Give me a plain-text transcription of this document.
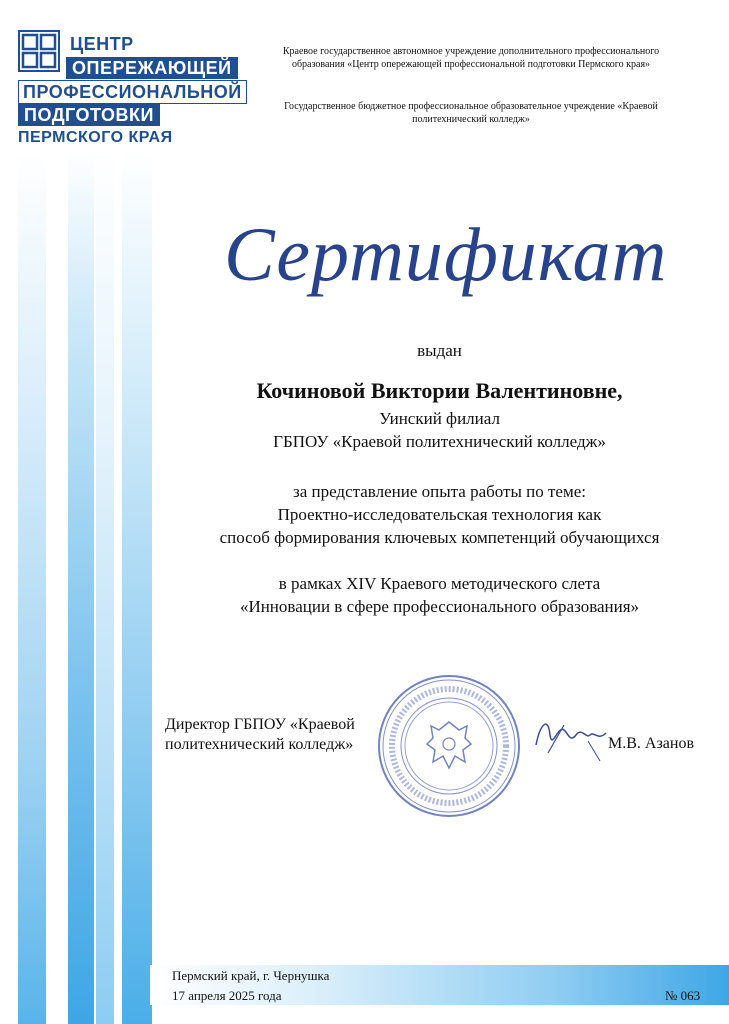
ЦЕНТР
ОПЕРЕЖАЮЩЕЙ
ПРОФЕССИОНАЛЬНОЙ
ПОДГОТОВКИ
ПЕРМСКОГО КРАЯ
Краевое государственное автономное учреждение дополнительного профессионального образования «Центр опережающей профессиональной подготовки Пермского края»
Государственное бюджетное профессиональное образовательное учреждение «Краевой политехнический колледж»
Сертификат
выдан
Кочиновой Виктории Валентиновне,
Уинский филиал
ГБПОУ «Краевой политехнический колледж»
за представление опыта работы по теме:
Проектно-исследовательская технология как
способ формирования ключевых компетенций обучающихся
в рамках XIV Краевого методического слета
«Инновации в сфере профессионального образования»
Директор ГБПОУ «Краевой
политехнический колледж»	М.В. Азанов
Пермский край, г. Чернушка
17 апреля 2025 года	№ 063
